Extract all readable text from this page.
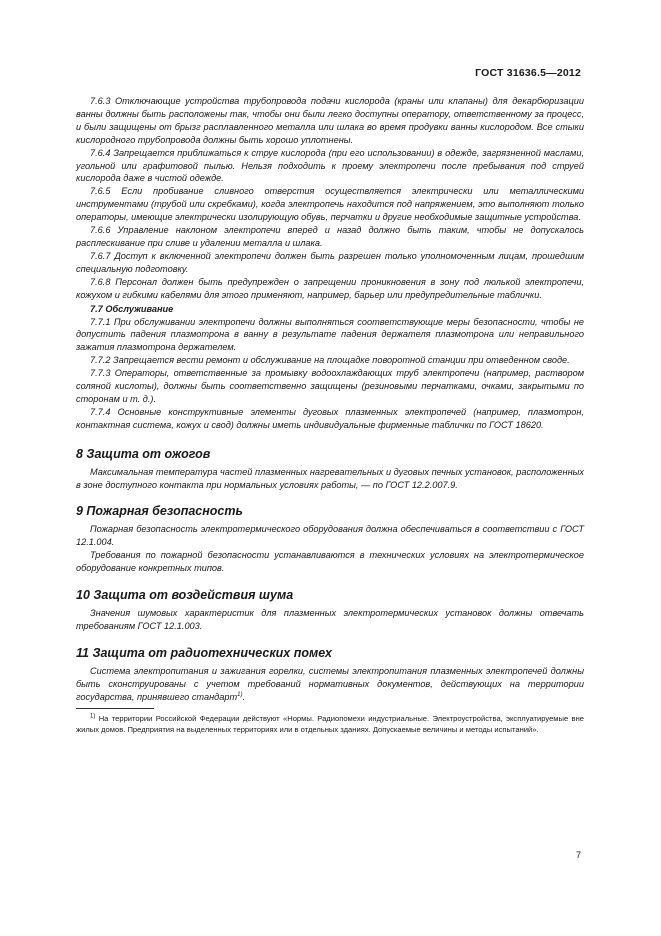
ГОСТ 31636.5—2012

7.6.3 Отключающие устройства трубопровода подачи кислорода (краны или клапаны) для декарбюризации ванны должны быть расположены так, чтобы они были легко доступны оператору, ответственному за процесс, и были защищены от брызг расплавленного металла или шлака во время продувки ванны кислородом. Все стыки кислородного трубопровода должны быть хорошо уплотнены.

7.6.4 Запрещается приближаться к струе кислорода (при его использовании) в одежде, загрязненной маслами, угольной или графитовой пылью. Нельзя подходить к проему электропечи после пребывания под струей кислорода даже в чистой одежде.

7.6.5 Если пробивание сливного отверстия осуществляется электрически или металлическими инструментами (трубой или скребками), когда электропечь находится под напряжением, это выполняют только операторы, имеющие электрически изолирующую обувь, перчатки и другие необходимые защитные устройства.

7.6.6 Управление наклоном электропечи вперед и назад должно быть таким, чтобы не допускалось расплескивание при сливе и удалении металла и шлака.

7.6.7 Доступ к включенной электропечи должен быть разрешен только уполномоченным лицам, прошедшим специальную подготовку.

7.6.8 Персонал должен быть предупрежден о запрещении проникновения в зону под люлькой электропечи, кожухом и гибкими кабелями для этого применяют, например, барьер или предупредительные таблички.

7.7 Обслуживание

7.7.1 При обслуживании электропечи должны выполняться соответствующие меры безопасности, чтобы не допустить падения плазмотрона в ванну в результате падения держателя плазмотрона или неправильного зажатия плазмотрона держателем.

7.7.2 Запрещается вести ремонт и обслуживание на площадке поворотной станции при отведенном своде.

7.7.3 Операторы, ответственные за промывку водоохлаждающих труб электропечи (например, раствором соляной кислоты), должны быть соответственно защищены (резиновыми перчатками, очками, закрытыми по сторонам и т. д.).

7.7.4 Основные конструктивные элементы дуговых плазменных электропечей (например, плазмотрон, контактная система, кожух и свод) должны иметь индивидуальные фирменные таблички по ГОСТ 18620.

8 Защита от ожогов

Максимальная температура частей плазменных нагревательных и дуговых печных установок, расположенных в зоне доступного контакта при нормальных условиях работы, — по ГОСТ 12.2.007.9.

9 Пожарная безопасность

Пожарная безопасность электротермического оборудования должна обеспечиваться в соответствии с ГОСТ 12.1.004.

Требования по пожарной безопасности устанавливаются в технических условиях на электротермическое оборудование конкретных типов.

10 Защита от воздействия шума

Значения шумовых характеристик для плазменных электротермических установок должны отвечать требованиям ГОСТ 12.1.003.

11 Защита от радиотехнических помех

Система электропитания и зажигания горелки, системы электропитания плазменных электропечей должны быть сконструированы с учетом требований нормативных документов, действующих на территории государства, принявшего стандарт$^{1)}$.

$^{1)}$ На территории Российской Федерации действуют «Нормы. Радиопомехи индустриальные. Электроустройства, эксплуатируемые вне жилых домов. Предприятия на выделенных территориях или в отдельных зданиях. Допускаемые величины и методы испытаний».
7
